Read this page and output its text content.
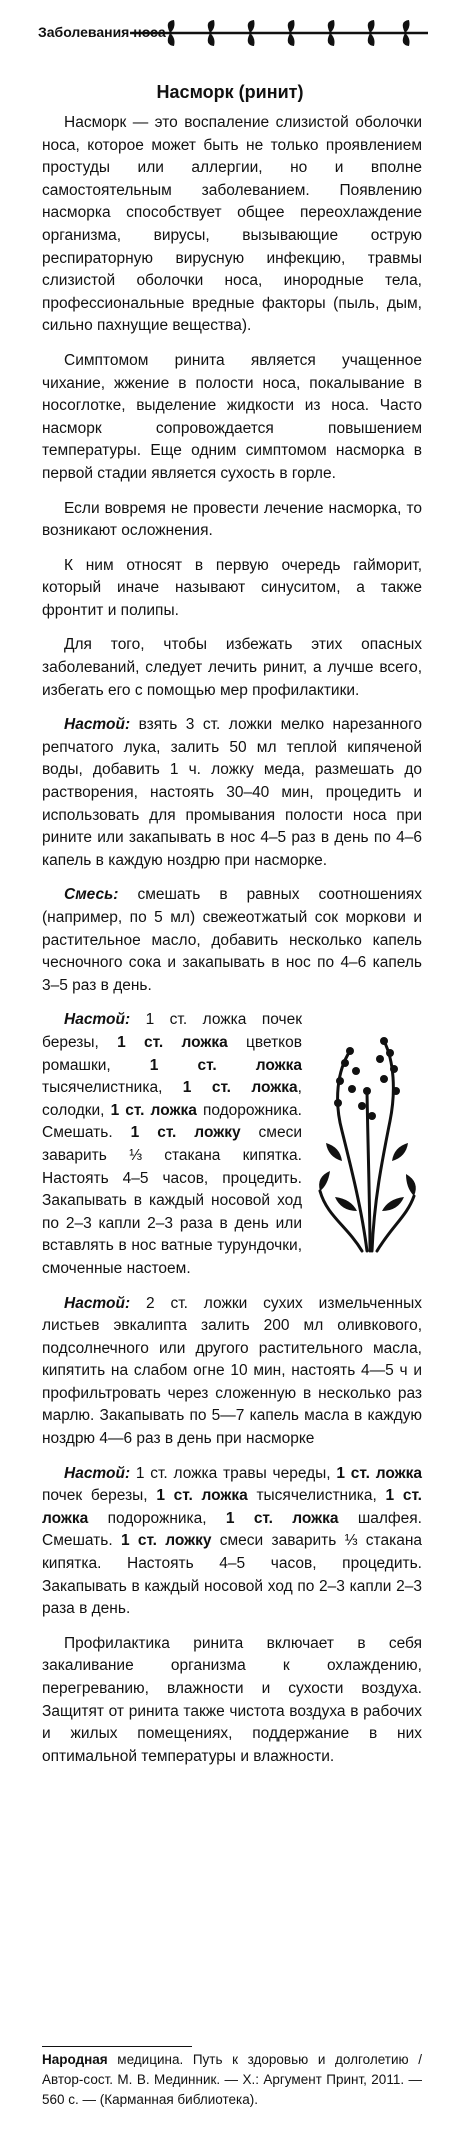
Заболевания носа
Насморк (ринит)

Насморк — это воспаление слизистой оболочки носа, которое может быть не только проявлением простуды или аллергии, но и вполне самостоятельным заболеванием. Появлению насморка способствует общее переохлаждение организма, вирусы, вызывающие острую респираторную вирусную инфекцию, травмы слизистой оболочки носа, инородные тела, профессиональные вредные факторы (пыль, дым, сильно пахнущие вещества).

Симптомом ринита является учащенное чихание, жжение в полости носа, покалывание в носоглотке, выделение жидкости из носа. Часто насморк сопровождается повышением температуры. Еще одним симптомом насморка в первой стадии является сухость в горле.

Если вовремя не провести лечение насморка, то возникают осложнения.

К ним относят в первую очередь гайморит, который иначе называют синуситом, а также фронтит и полипы.

Для того, чтобы избежать этих опасных заболеваний, следует лечить ринит, а лучше всего, избегать его с помощью мер профилактики.

Настой: взять 3 ст. ложки мелко нарезанного репчатого лука, залить 50 мл теплой кипяченой воды, добавить 1 ч. ложку меда, размешать до растворения, настоять 30–40 мин, процедить и использовать для промывания полости носа при рините или закапывать в нос 4–5 раз в день по 4–6 капель в каждую ноздрю при насморке.

Смесь: смешать в равных соотношениях (например, по 5 мл) свежеотжатый сок моркови и растительное масло, добавить несколько капель чесночного сока и закапывать в нос по 4–6 капель 3–5 раз в день.

Настой: 1 ст. ложка почек березы, 1 ст. ложка цветков ромашки, 1 ст. ложка тысячелистника, 1 ст. ложка, солодки, 1 ст. ложка подорожника. Смешать. 1 ст. ложку смеси заварить ⅓ стакана кипятка. Настоять 4–5 часов, процедить. Закапывать в каждый носовой ход по 2–3 капли 2–3 раза в день или вставлять в нос ватные турундочки, смоченные настоем.

Настой: 2 ст. ложки сухих измельченных листьев эвкалипта залить 200 мл оливкового, подсолнечного или другого растительного масла, кипятить на слабом огне 10 мин, настоять 4—5 ч и профильтровать через сложенную в несколько раз марлю. Закапывать по 5—7 капель масла в каждую ноздрю 4—6 раз в день при насморке

Настой: 1 ст. ложка травы череды, 1 ст. ложка почек березы, 1 ст. ложка тысячелистника, 1 ст. ложка подорожника, 1 ст. ложка шалфея. Смешать. 1 ст. ложку смеси заварить ⅓ стакана кипятка. Настоять 4–5 часов, процедить. Закапывать в каждый носовой ход по 2–3 капли 2–3 раза в день.

Профилактика ринита включает в себя закаливание организма к охлаждению, перегреванию, влажности и сухости воздуха. Защитят от ринита также чистота воздуха в рабочих и жилых помещениях, поддержание в них оптимальной температуры и влажности.

Народная медицина. Путь к здоровью и долголетию / Автор-сост. М. В. Мединник. — Х.: Аргумент Принт, 2011. — 560 с. — (Карманная библиотека).
